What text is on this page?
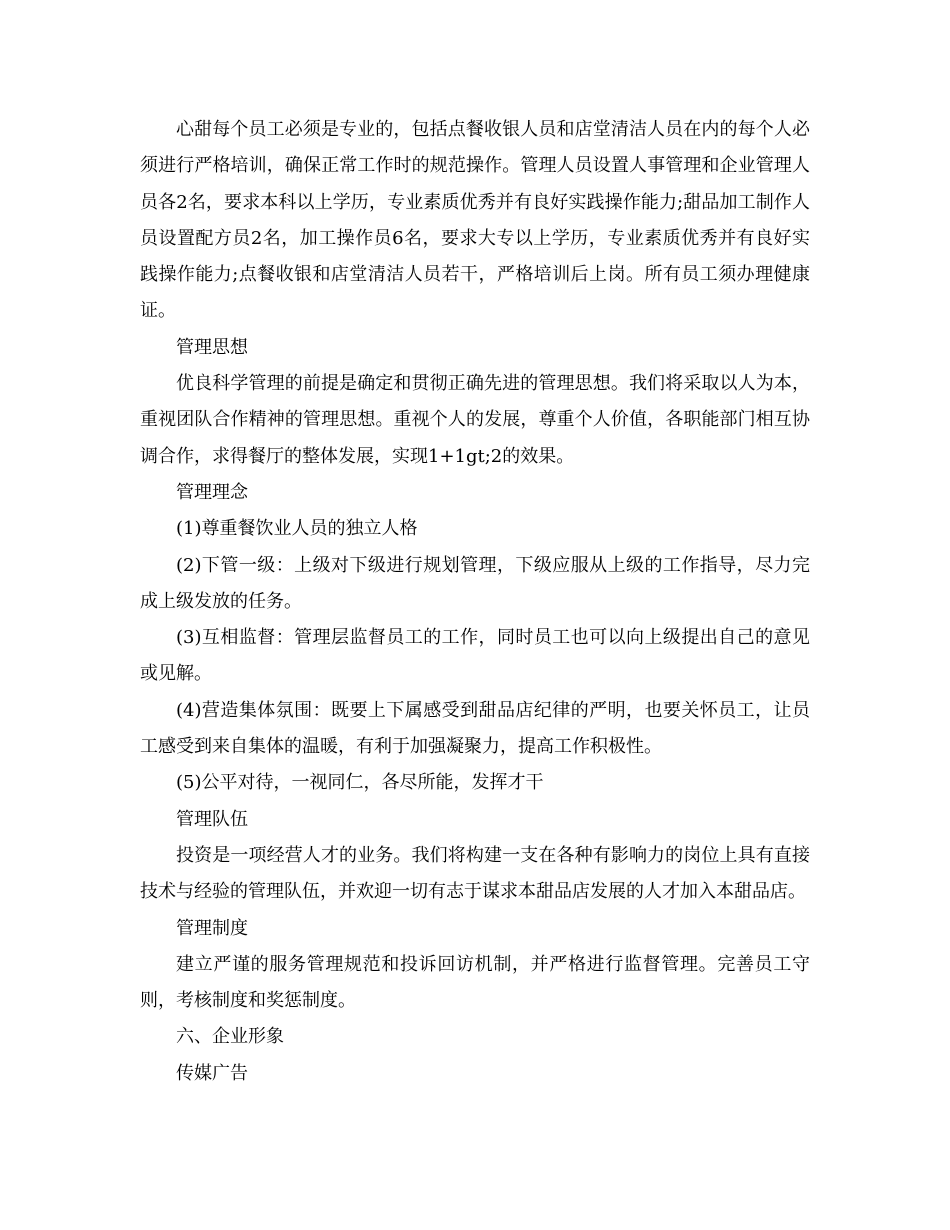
心甜每个员工必须是专业的，包括点餐收银人员和店堂清洁人员在内的每个人必须进行严格培训，确保正常工作时的规范操作。管理人员设置人事管理和企业管理人员各2名，要求本科以上学历，专业素质优秀并有良好实践操作能力;甜品加工制作人员设置配方员2名，加工操作员6名，要求大专以上学历，专业素质优秀并有良好实践操作能力;点餐收银和店堂清洁人员若干，严格培训后上岗。所有员工须办理健康证。

管理思想

优良科学管理的前提是确定和贯彻正确先进的管理思想。我们将采取以人为本，重视团队合作精神的管理思想。重视个人的发展，尊重个人价值，各职能部门相互协调合作，求得餐厅的整体发展，实现1+1gt;2的效果。

管理理念

(1)尊重餐饮业人员的独立人格

(2)下管一级：上级对下级进行规划管理，下级应服从上级的工作指导，尽力完成上级发放的任务。

(3)互相监督：管理层监督员工的工作，同时员工也可以向上级提出自己的意见或见解。

(4)营造集体氛围：既要上下属感受到甜品店纪律的严明，也要关怀员工，让员工感受到来自集体的温暖，有利于加强凝聚力，提高工作积极性。

(5)公平对待，一视同仁，各尽所能，发挥才干

管理队伍

投资是一项经营人才的业务。我们将构建一支在各种有影响力的岗位上具有直接技术与经验的管理队伍，并欢迎一切有志于谋求本甜品店发展的人才加入本甜品店。

管理制度

建立严谨的服务管理规范和投诉回访机制，并严格进行监督管理。完善员工守则，考核制度和奖惩制度。

六、企业形象

传媒广告
